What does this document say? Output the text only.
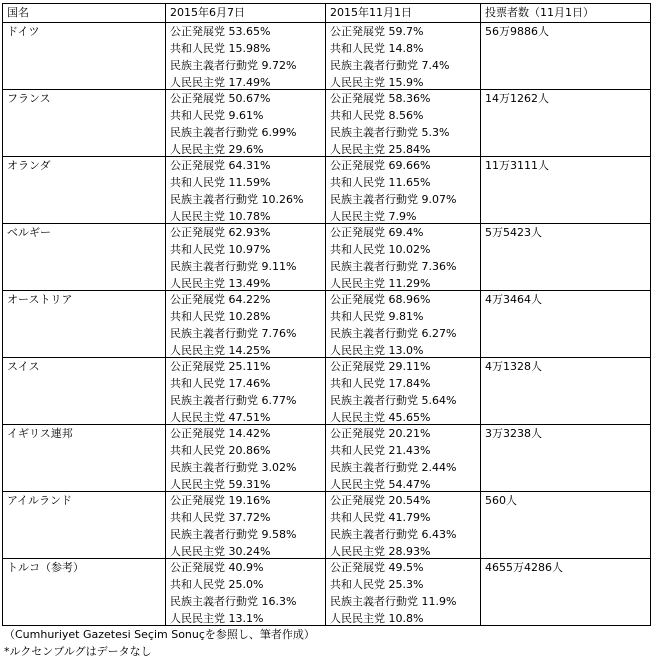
国名	2015年6月7日	2015年11月1日	投票者数（11月1日）
ドイツ	公正発展党 53.65%
共和人民党 15.98%
民族主義者行動党 9.72%
人民民主党 17.49%	公正発展党 59.7%
共和人民党 14.8%
民族主義者行動党 7.4%
人民民主党 15.9%	56万9886人
フランス	公正発展党 50.67%
共和人民党 9.61%
民族主義者行動党 6.99%
人民民主党 29.6%	公正発展党 58.36%
共和人民党 8.56%
民族主義者行動党 5.3%
人民民主党 25.84%	14万1262人
オランダ	公正発展党 64.31%
共和人民党 11.59%
民族主義者行動党 10.26%
人民民主党 10.78%	公正発展党 69.66%
共和人民党 11.65%
民族主義者行動党 9.07%
人民民主党 7.9%	11万3111人
ベルギー	公正発展党 62.93%
共和人民党 10.97%
民族主義者行動党 9.11%
人民民主党 13.49%	公正発展党 69.4%
共和人民党 10.02%
民族主義者行動党 7.36%
人民民主党 11.29%	5万5423人
オーストリア	公正発展党 64.22%
共和人民党 10.28%
民族主義者行動党 7.76%
人民民主党 14.25%	公正発展党 68.96%
共和人民党 9.81%
民族主義者行動党 6.27%
人民民主党 13.0%	4万3464人
スイス	公正発展党 25.11%
共和人民党 17.46%
民族主義者行動党 6.77%
人民民主党 47.51%	公正発展党 29.11%
共和人民党 17.84%
民族主義者行動党 5.64%
人民民主党 45.65%	4万1328人
イギリス連邦	公正発展党 14.42%
共和人民党 20.86%
民族主義者行動党 3.02%
人民民主党 59.31%	公正発展党 20.21%
共和人民党 21.43%
民族主義者行動党 2.44%
人民民主党 54.47%	3万3238人
アイルランド	公正発展党 19.16%
共和人民党 37.72%
民族主義者行動党 9.58%
人民民主党 30.24%	公正発展党 20.54%
共和人民党 41.79%
民族主義者行動党 6.43%
人民民主党 28.93%	560人
トルコ（参考）	公正発展党 40.9%
共和人民党 25.0%
民族主義者行動党 16.3%
人民民主党 13.1%	公正発展党 49.5%
共和人民党 25.3%
民族主義者行動党 11.9%
人民民主党 10.8%	4655万4286人
（Cumhuriyet Gazetesi Seçim Sonuçを参照し、筆者作成）
*ルクセンブルグはデータなし
